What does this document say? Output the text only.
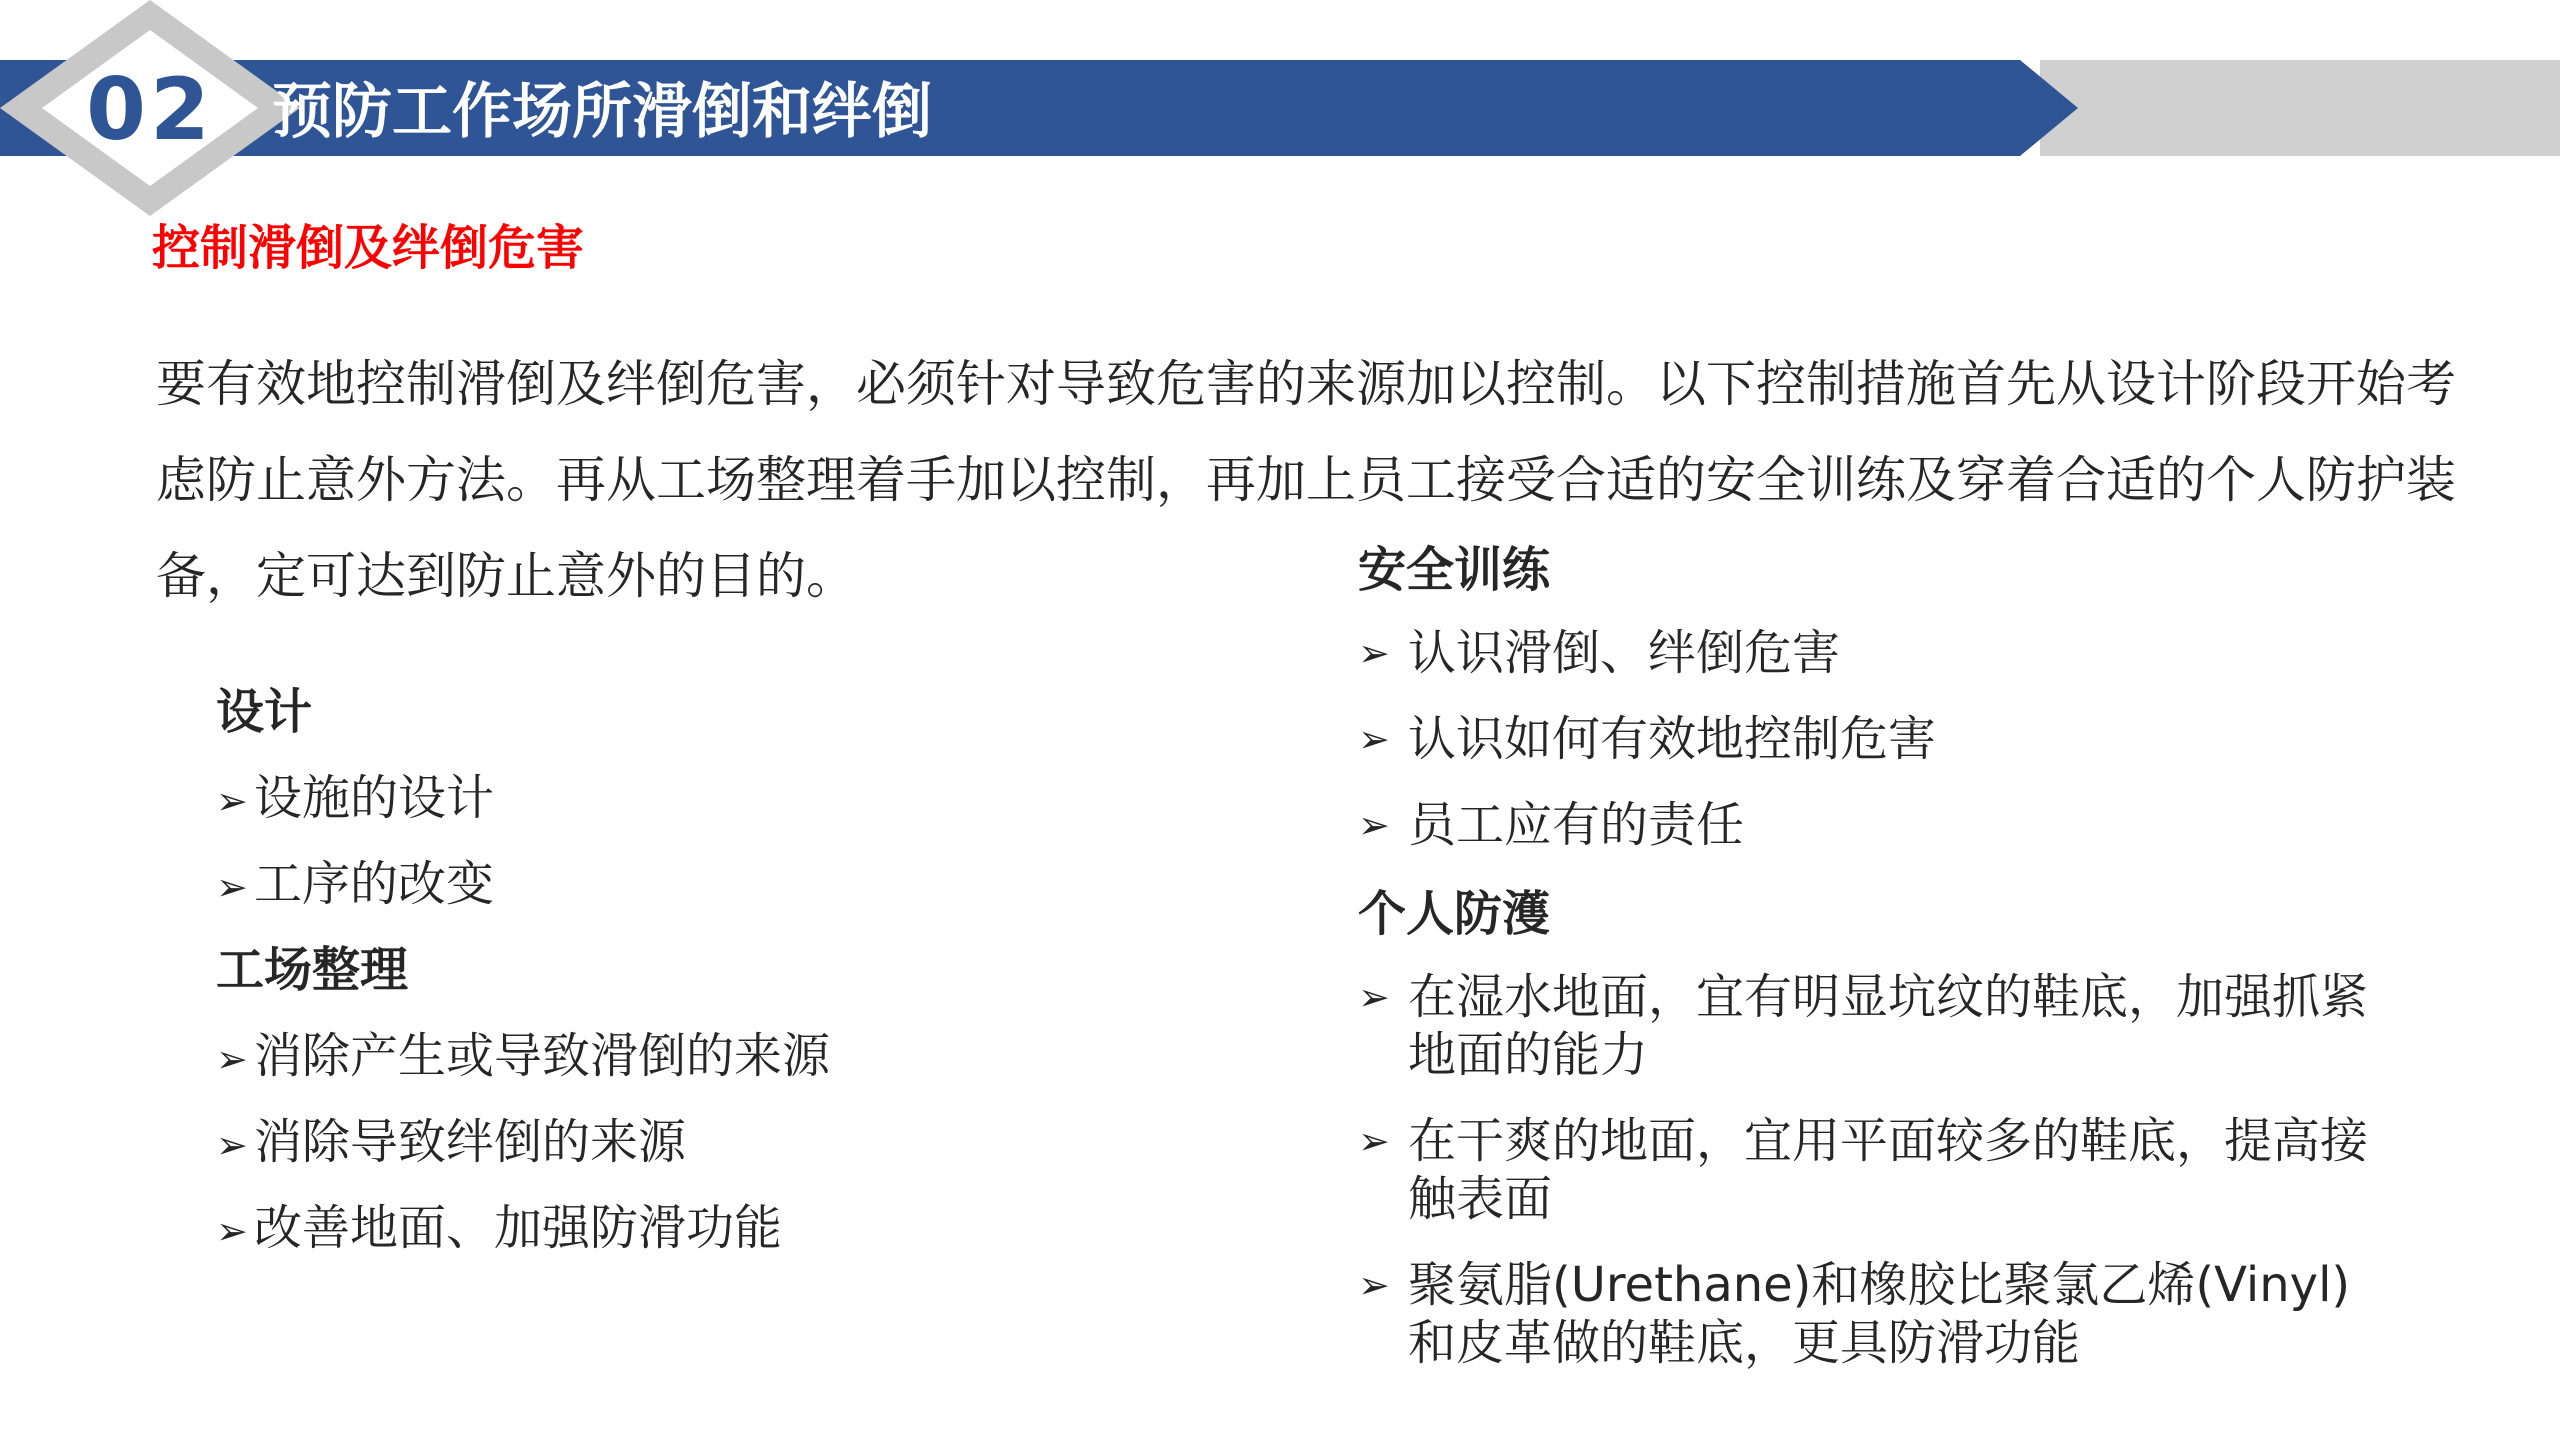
02 预防工作场所滑倒和绊倒
控制滑倒及绊倒危害
要有效地控制滑倒及绊倒危害，必须针对导致危害的来源加以控制。以下控制措施首先从设计阶段开始考虑防止意外方法。再从工场整理着手加以控制，再加上员工接受合适的安全训练及穿着合适的个人防护装备，定可达到防止意外的目的。
设计
➢ 设施的设计
➢ 工序的改变
工场整理
➢ 消除产生或导致滑倒的来源
➢ 消除导致绊倒的来源
➢ 改善地面、加强防滑功能
安全训练
➢ 认识滑倒、绊倒危害
➢ 认识如何有效地控制危害
➢ 员工应有的责任
个人防濩
➢ 在湿水地面，宜有明显坑纹的鞋底，加强抓紧地面的能力
➢ 在干爽的地面，宜用平面较多的鞋底，提高接触表面
➢ 聚氨脂(Urethane)和橡胶比聚氯乙烯(Vinyl)和皮革做的鞋底，更具防滑功能
